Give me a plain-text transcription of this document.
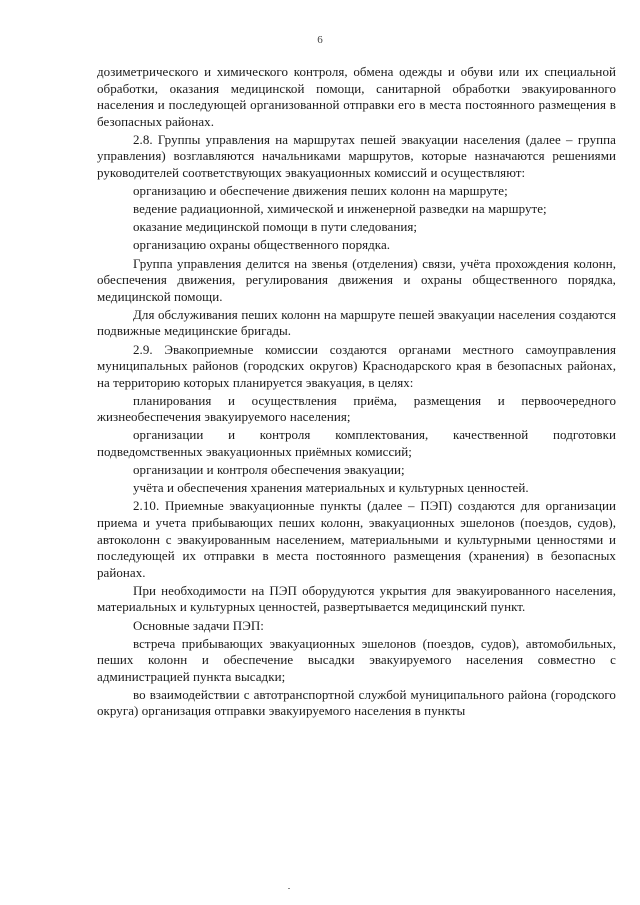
6

дозиметрического и химического контроля, обмена одежды и обуви или их специальной обработки, оказания медицинской помощи, санитарной обработки эвакуированного населения и последующей организованной отправки его в места постоянного размещения в безопасных районах.

2.8. Группы управления на маршрутах пешей эвакуации населения (далее – группа управления) возглавляются начальниками маршрутов, которые назначаются решениями руководителей соответствующих эвакуационных комиссий и осуществляют:

организацию и обеспечение движения пеших колонн на маршруте;

ведение радиационной, химической и инженерной разведки на маршруте;

оказание медицинской помощи в пути следования;

организацию охраны общественного порядка.

Группа управления делится на звенья (отделения) связи, учёта прохождения колонн, обеспечения движения, регулирования движения и охраны общественного порядка, медицинской помощи.

Для обслуживания пеших колонн на маршруте пешей эвакуации населения создаются подвижные медицинские бригады.

2.9. Эвакоприемные комиссии создаются органами местного самоуправления муниципальных районов (городских округов) Краснодарского края в безопасных районах, на территорию которых планируется эвакуация, в целях:

планирования и осуществления приёма, размещения и первоочередного жизнеобеспечения эвакуируемого населения;

организации и контроля комплектования, качественной подготовки подведомственных эвакуационных приёмных комиссий;

организации и контроля обеспечения эвакуации;

учёта и обеспечения хранения материальных и культурных ценностей.

2.10. Приемные эвакуационные пункты (далее – ПЭП) создаются для организации приема и учета прибывающих пеших колонн, эвакуационных эшелонов (поездов, судов), автоколонн с эвакуированным населением, материальными и культурными ценностями и последующей их отправки в места постоянного размещения (хранения) в безопасных районах.

При необходимости на ПЭП оборудуются укрытия для эвакуированного населения, материальных и культурных ценностей, развертывается медицинский пункт.

Основные задачи ПЭП:

встреча прибывающих эвакуационных эшелонов (поездов, судов), автомобильных, пеших колонн и обеспечение высадки эвакуируемого населения совместно с администрацией пункта высадки;

во взаимодействии с автотранспортной службой муниципального района (городского округа) организация отправки эвакуируемого населения в пункты
